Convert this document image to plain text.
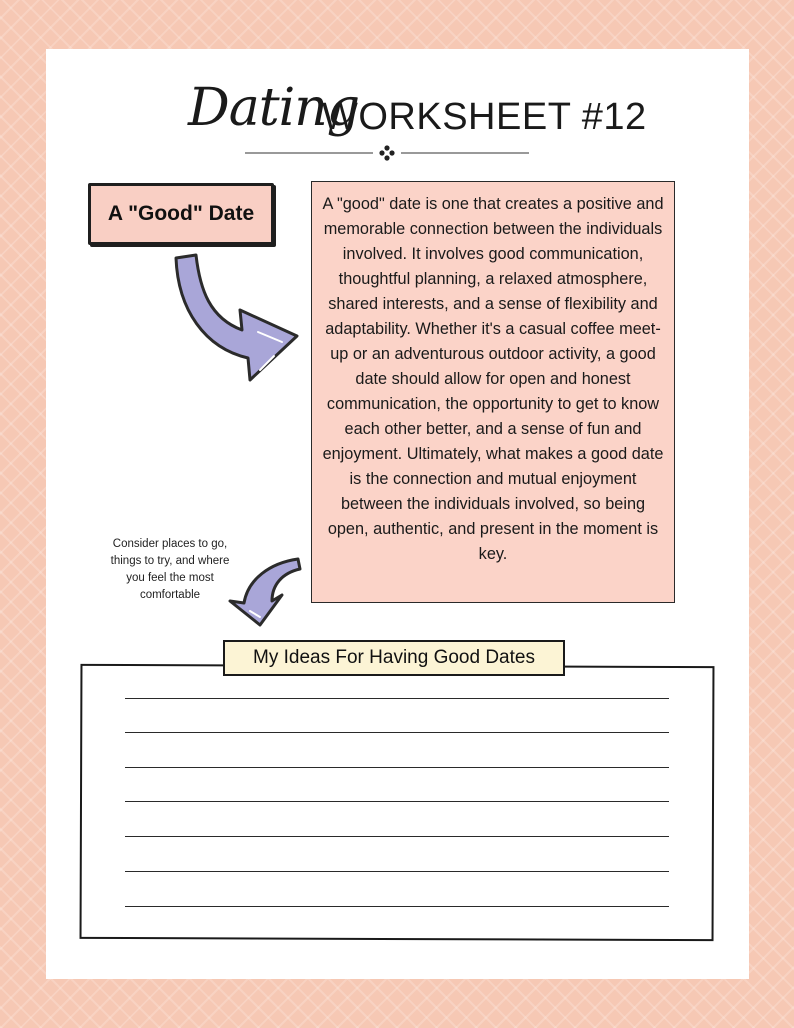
Dating
WORKSHEET #12
A "Good" Date
Consider places to go, things to try, and where you feel the most comfortable

A "good" date is one that creates a positive and memorable connection between the individuals involved. It involves good communication, thoughtful planning, a relaxed atmosphere, shared interests, and a sense of flexibility and adaptability. Whether it's a casual coffee meet-up or an adventurous outdoor activity, a good date should allow for open and honest communication, the opportunity to get to know each other better, and a sense of fun and enjoyment. Ultimately, what makes a good date is the connection and mutual enjoyment between the individuals involved, so being open, authentic, and present in the moment is key.

My Ideas For Having Good Dates
